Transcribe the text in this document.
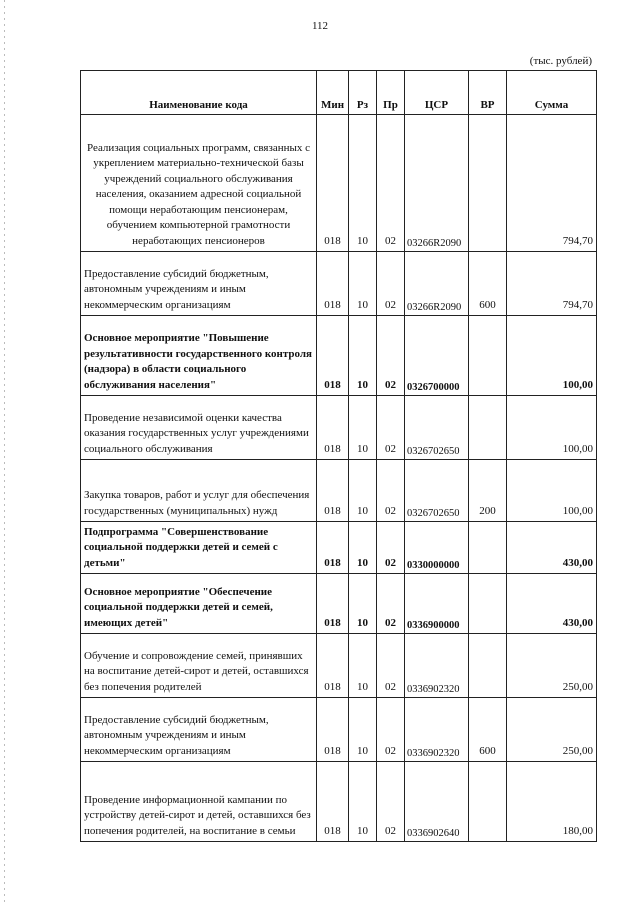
112
(тыс. рублей)
Наименование кода	Мин	Рз	Пр	ЦСР	ВР	Сумма

Реализация социальных программ, связанных с укреплением материально-технической базы учреждений социального обслуживания населения, оказанием адресной социальной помощи неработающим пенсионерам, обучением компьютерной грамотности неработающих пенсионеров	018	10	02	03266R2090		794,70

Предоставление субсидий бюджетным, автономным учреждениям и иным некоммерческим организациям	018	10	02	03266R2090	600	794,70

Основное мероприятие "Повышение результативности государственного контроля (надзора) в области социального обслуживания населения"	018	10	02	0326700000		100,00

Проведение независимой оценки качества оказания государственных услуг учреждениями социального обслуживания	018	10	02	0326702650		100,00

Закупка товаров, работ и услуг для обеспечения государственных (муниципальных) нужд	018	10	02	0326702650	200	100,00

Подпрограмма "Совершенствование социальной поддержки детей и семей с детьми"	018	10	02	0330000000		430,00

Основное мероприятие "Обеспечение социальной поддержки детей и семей, имеющих детей"	018	10	02	0336900000		430,00

Обучение и сопровождение семей, принявших на воспитание детей-сирот и детей, оставшихся без попечения родителей	018	10	02	0336902320		250,00

Предоставление субсидий бюджетным, автономным учреждениям и иным некоммерческим организациям	018	10	02	0336902320	600	250,00

Проведение информационной кампании по устройству детей-сирот и детей, оставшихся без попечения родителей, на воспитание в семьи	018	10	02	0336902640		180,00
